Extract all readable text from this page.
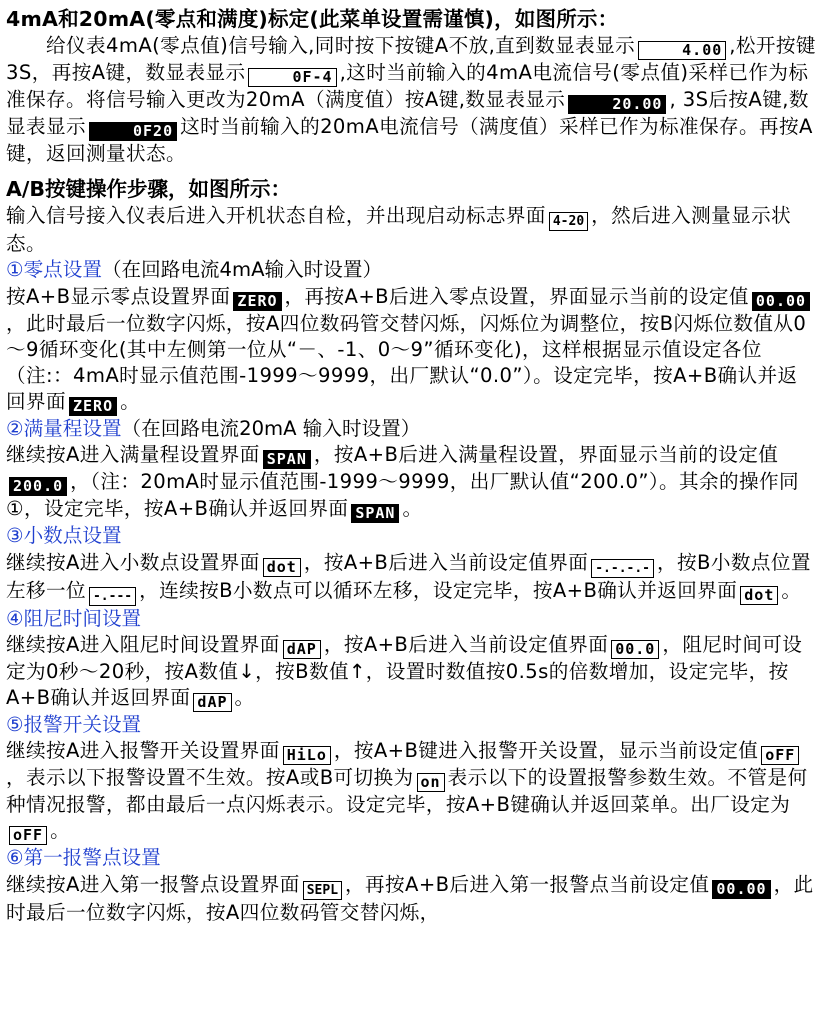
4mA和20mA(零点和满度)标定(此菜单设置需谨慎)，如图所示：

给仪表4mA(零点值)信号输入,同时按下按键A不放,直到数显表显示	4.00 ,松开按键3S，再按A键，数显表显示	0F-4 ,这时当前输入的4mA电流信号(零点值)采样已作为标准保存。将信号输入更改为20mA（满度值）按A键,数显表显示	20.00 , 3S后按A键,数显表显示	0F20 这时当前输入的20mA电流信号（满度值）采样已作为标准保存。再按A键，返回测量状态。

A/B按键操作步骤，如图所示：

输入信号接入仪表后进入开机状态自检，并出现启动标志界面 4-20 ，然后进入测量显示状态。

①零点设置（在回路电流4mA输入时设置）

按A+B显示零点设置界面 ZERO ，再按A+B后进入零点设置，界面显示当前的设定值 00.00，此时最后一位数字闪烁，按A四位数码管交替闪烁，闪烁位为调整位，按B闪烁位数值从0～9循环变化(其中左侧第一位从“－、-1、0～9”循环变化)，这样根据显示值设定各位（注:：4mA时显示值范围-1999～9999，出厂默认“0.0”）。设定完毕，按A+B确认并返回界面 ZERO 。

②满量程设置（在回路电流20mA 输入时设置）

继续按A进入满量程设置界面 SPAN ，按A+B后进入满量程设置，界面显示当前的设定值200.0 ，（注：20mA时显示值范围-1999～9999，出厂默认值“200.0”）。其余的操作同①，设定完毕，按A+B确认并返回界面 SPAN 。

③小数点设置

继续按A进入小数点设置界面 dot ，按A+B后进入当前设定值界面 -.-.-.- ，按B小数点位置左移一位 -.--- ，连续按B小数点可以循环左移，设定完毕，按A+B确认并返回界面 dot 。

④阻尼时间设置

继续按A进入阻尼时间设置界面 dAP ，按A+B后进入当前设定值界面 00.0 ，阻尼时间可设定为0秒～20秒，按A数值↓，按B数值↑，设置时数值按0.5s的倍数增加，设定完毕，按A+B确认并返回界面 dAP 。

⑤报警开关设置

继续按A进入报警开关设置界面 HiLo ，按A+B键进入报警开关设置，显示当前设定值 oFF，表示以下报警设置不生效。按A或B可切换为 on 表示以下的设置报警参数生效。不管是何种情况报警，都由最后一点闪烁表示。设定完毕，按A+B键确认并返回菜单。出厂设定为oFF 。

⑥第一报警点设置

继续按A进入第一报警点设置界面 SEPL ，再按A+B后进入第一报警点当前设定值 00.00 ，此时最后一位数字闪烁，按A四位数码管交替闪烁，
